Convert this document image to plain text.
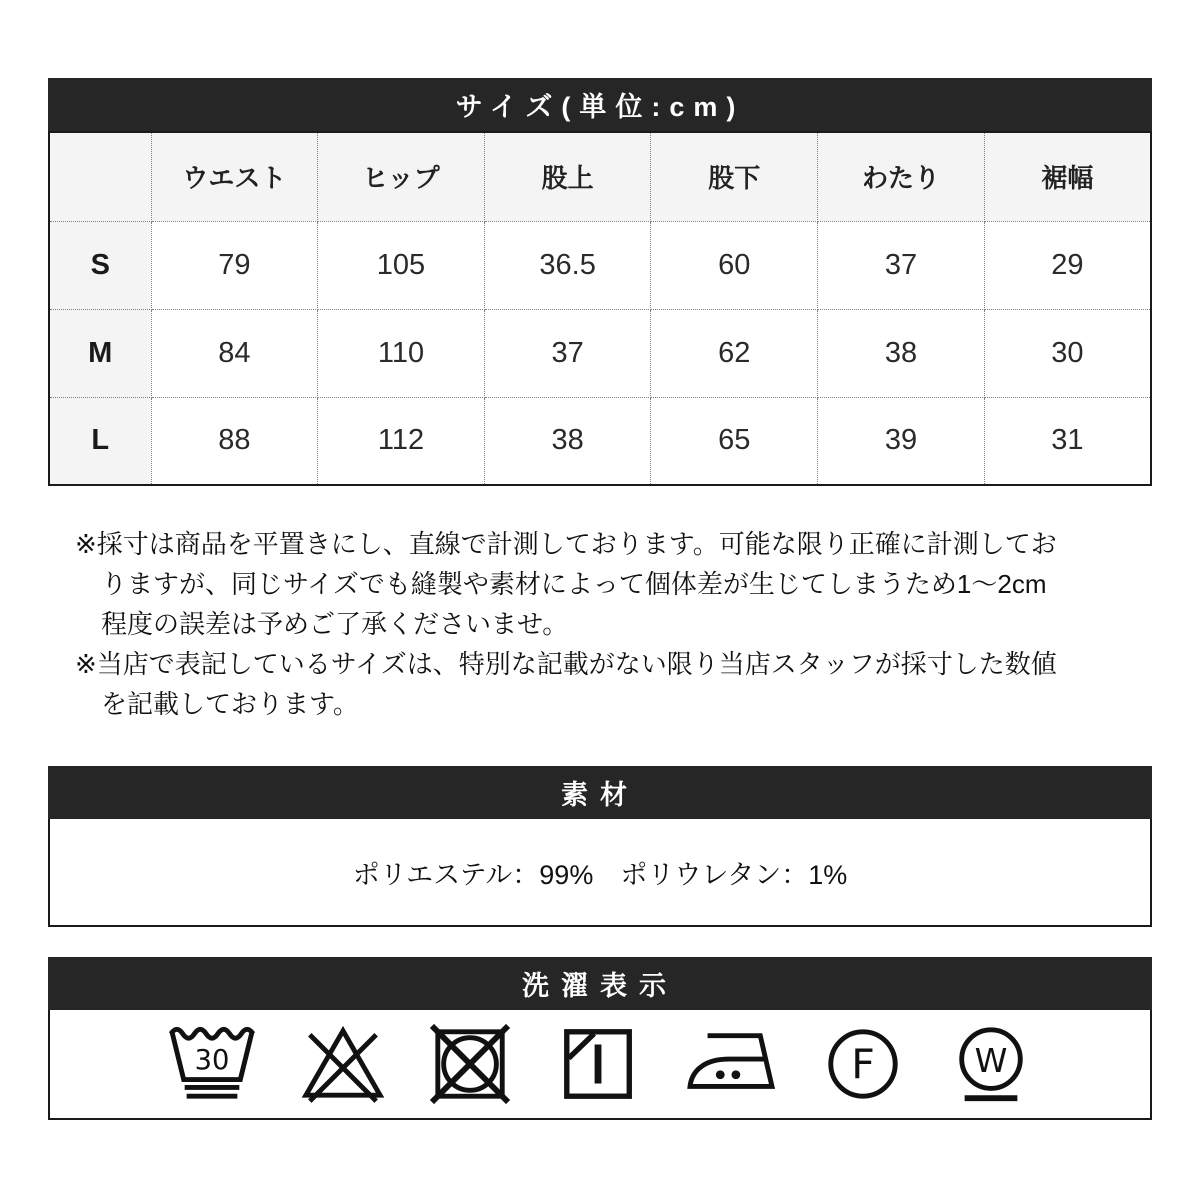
サイズ(単位:cm)
	ウエスト	ヒップ	股上	股下	わたり	裾幅
S	79	105	36.5	60	37	29
M	84	110	37	62	38	30
L	88	112	38	65	39	31

※採寸は商品を平置きにし、直線で計測しております。可能な限り正確に計測しておりますが、同じサイズでも縫製や素材によって個体差が生じてしまうため1〜2cm程度の誤差は予めご了承くださいませ。

※当店で表記しているサイズは、特別な記載がない限り当店スタッフが採寸した数値を記載しております。

素材
ポリエステル：99%　ポリウレタン：1%
洗濯表示
30	F	W
